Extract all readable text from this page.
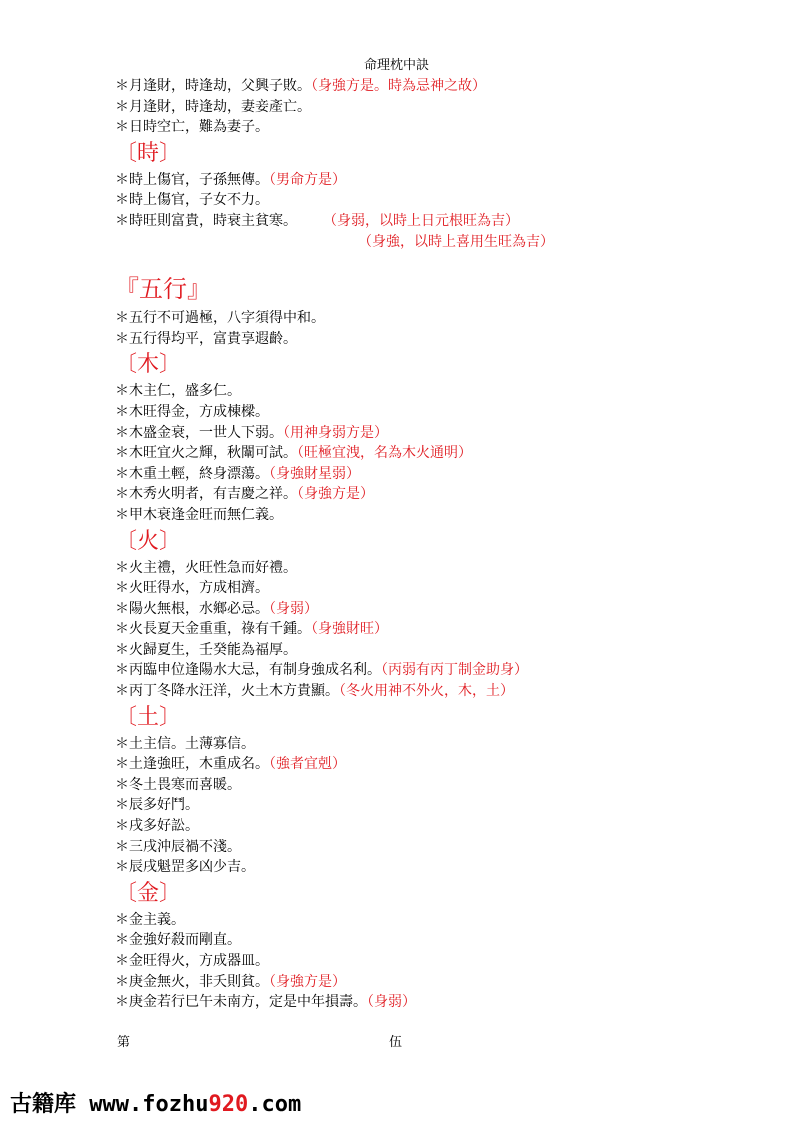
命理枕中訣
＊月逢財，時逢劫，父興子敗。（身強方是。時為忌神之故）
＊月逢財，時逢劫，妻妾產亡。
＊日時空亡，難為妻子。
〔時〕
＊時上傷官，子孫無傳。（男命方是）
＊時上傷官，子女不力。
＊時旺則富貴，時衰主貧寒。 （身弱，以時上日元根旺為吉）
（身強，以時上喜用生旺為吉）
『五行』
＊五行不可過極，八字須得中和。
＊五行得均平，富貴享遐齡。
〔木〕
＊木主仁，盛多仁。
＊木旺得金，方成棟樑。
＊木盛金衰，一世人下弱。（用神身弱方是）
＊木旺宜火之輝，秋闈可試。（旺極宜洩，名為木火通明）
＊木重土輕，終身漂蕩。（身強財星弱）
＊木秀火明者，有吉慶之祥。（身強方是）
＊甲木衰逢金旺而無仁義。
〔火〕
＊火主禮，火旺性急而好禮。
＊火旺得水，方成相濟。
＊陽火無根，水鄉必忌。（身弱）
＊火長夏天金重重，祿有千鍾。（身強財旺）
＊火歸夏生，壬癸能為福厚。
＊丙臨申位逢陽水大忌，有制身強成名利。（丙弱有丙丁制金助身）
＊丙丁冬降水汪洋，火土木方貴顯。（冬火用神不外火，木，土）
〔土〕
＊土主信。土薄寡信。
＊土逢強旺，木重成名。（強者宜剋）
＊冬土畏寒而喜暖。
＊辰多好鬥。
＊戌多好訟。
＊三戌沖辰禍不淺。
＊辰戌魁罡多凶少吉。
〔金〕
＊金主義。
＊金強好殺而剛直。
＊金旺得火，方成器皿。
＊庚金無火，非夭則貧。（身強方是）
＊庚金若行巳午未南方，定是中年損壽。（身弱）
第	伍
古籍库 www.fozhu920.com
